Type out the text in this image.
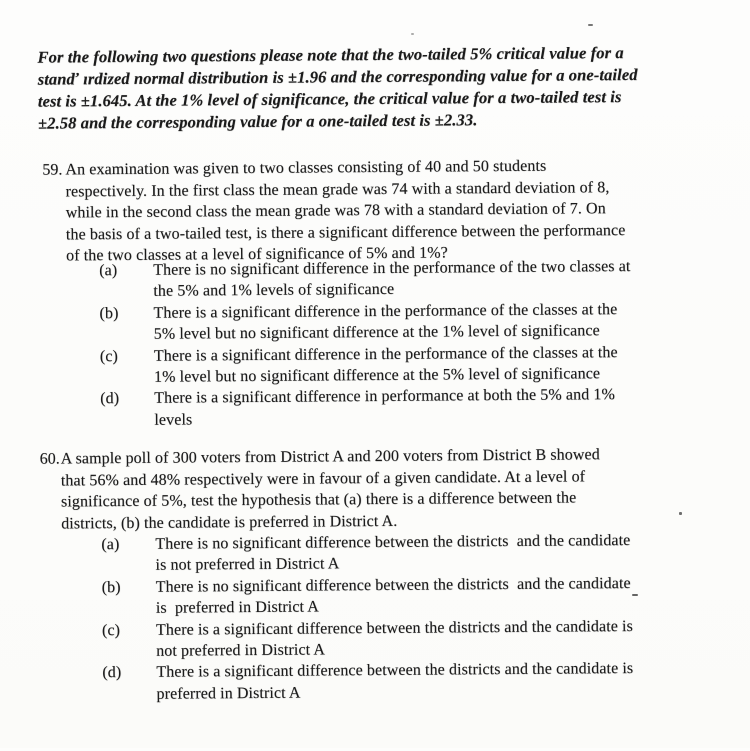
For the following two questions please note that the two-tailed 5% critical value for a
stanď ırdized normal distribution is ±1.96 and the corresponding value for a one-tailed
test is ±1.645. At the 1% level of significance, the critical value for a two-tailed test is
±2.58 and the corresponding value for a one-tailed test is ±2.33.
59. An examination was given to two classes consisting of 40 and 50 students
respectively. In the first class the mean grade was 74 with a standard deviation of 8,
while in the second class the mean grade was 78 with a standard deviation of 7. On
the basis of a two-tailed test, is there a significant difference between the performance
of the two classes at a level of significance of 5% and 1%?
(a)	There is no significant difference in the performance of the two classes at
the 5% and 1% levels of significance
(b)	There is a significant difference in the performance of the classes at the
5% level but no significant difference at the 1% level of significance
(c)	There is a significant difference in the performance of the classes at the
1% level but no significant difference at the 5% level of significance
(d)	There is a significant difference in performance at both the 5% and 1%
levels
60. A sample poll of 300 voters from District A and 200 voters from District B showed
that 56% and 48% respectively were in favour of a given candidate. At a level of
significance of 5%, test the hypothesis that (a) there is a difference between the
districts, (b) the candidate is preferred in District A.
(a)	There is no significant difference between the districts  and the candidate
is not preferred in District A
(b)	There is no significant difference between the districts  and the candidate
is  preferred in District A
(c)	There is a significant difference between the districts and the candidate is
not preferred in District A
(d)	There is a significant difference between the districts and the candidate is
preferred in District A
